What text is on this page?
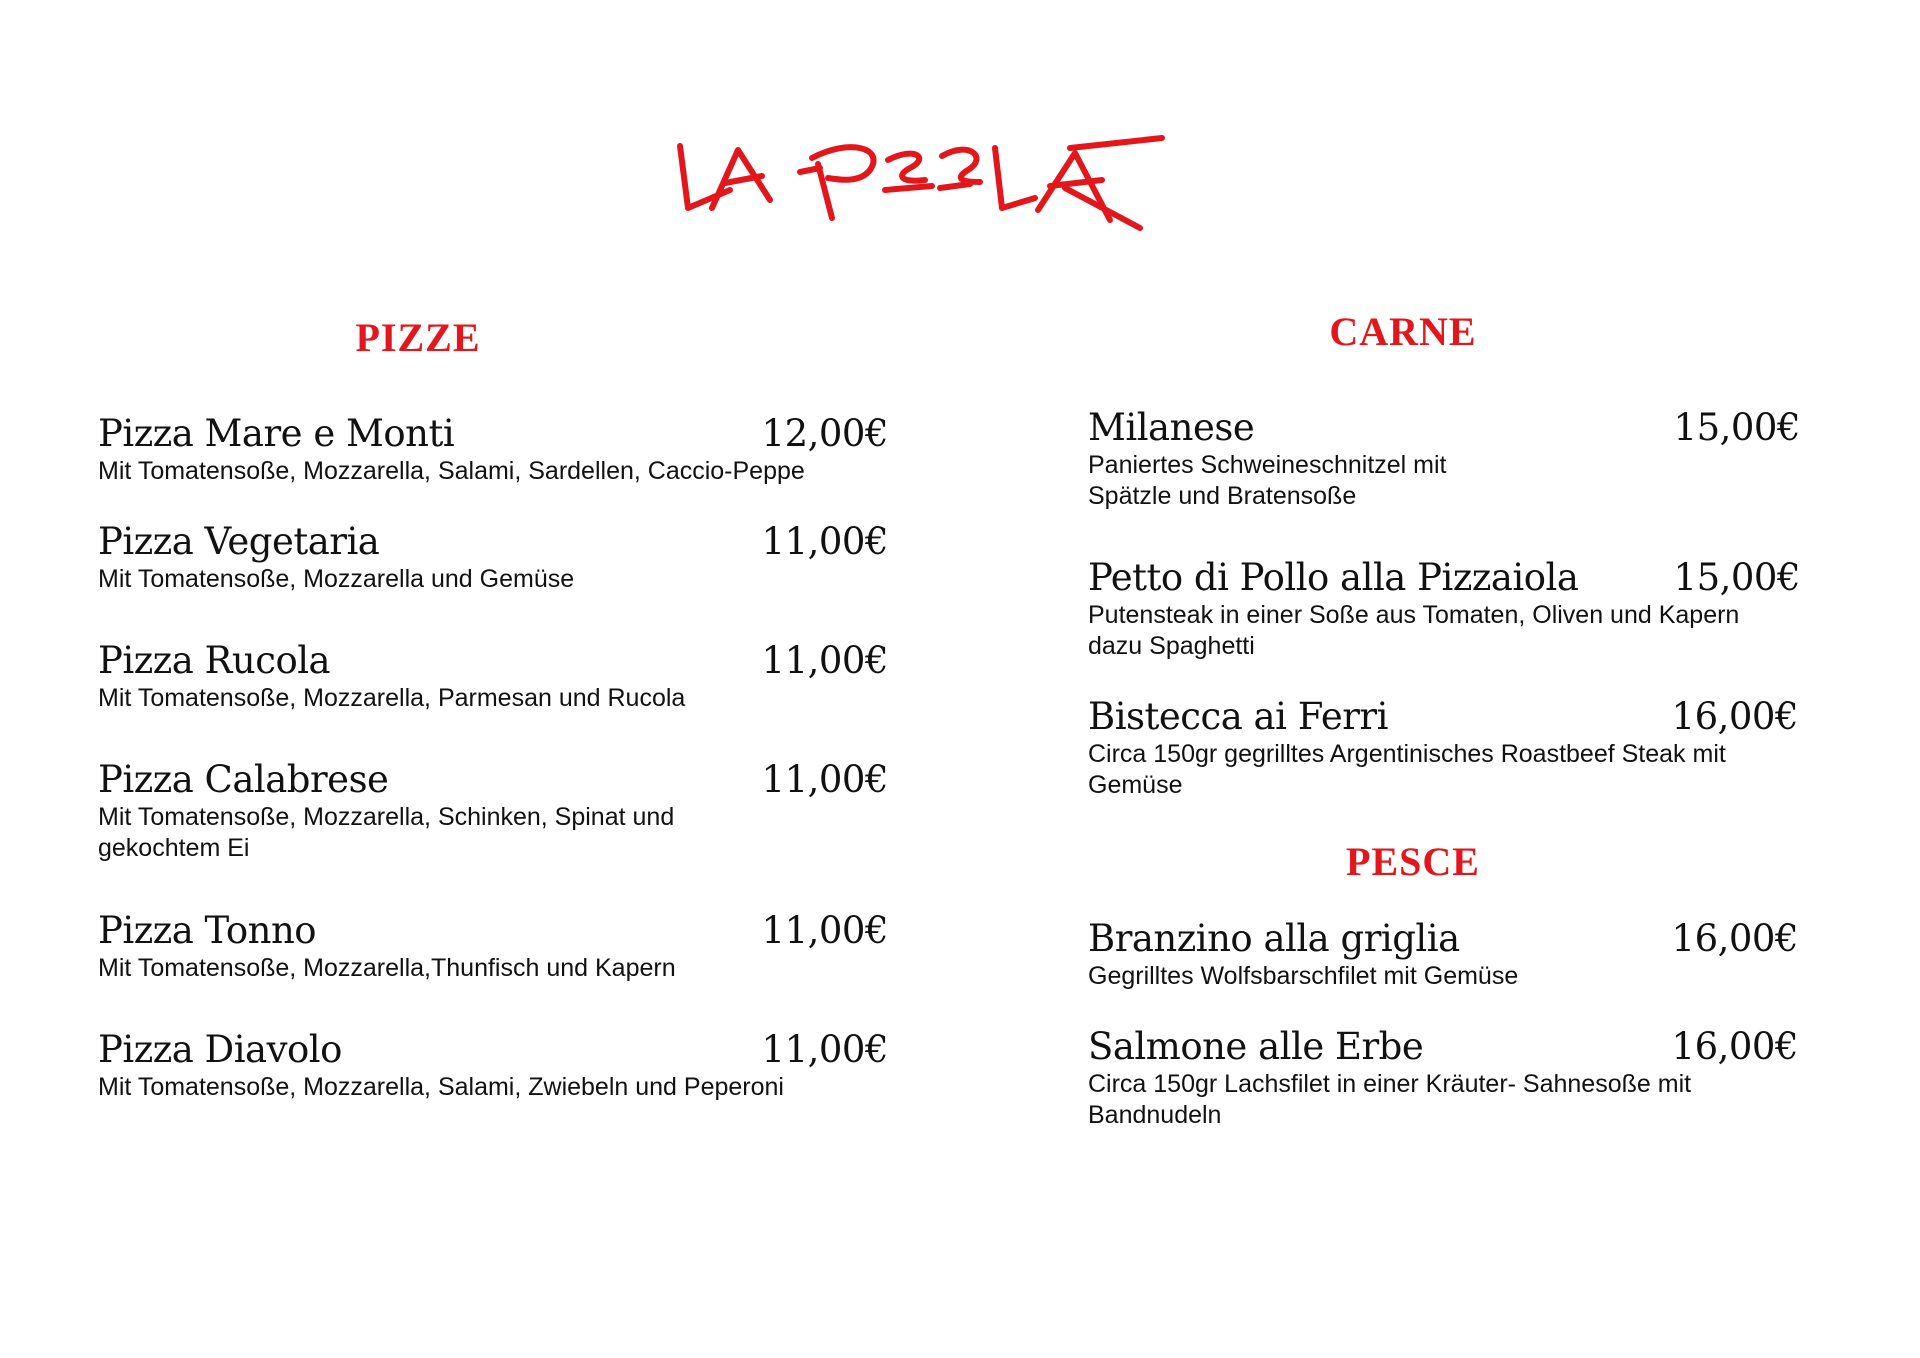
PIZZE
Pizza Mare e Monti	12,00€
Mit Tomatensoße, Mozzarella, Salami, Sardellen, Caccio-Peppe
Pizza Vegetaria	11,00€
Mit Tomatensoße, Mozzarella und Gemüse
Pizza Rucola	11,00€
Mit Tomatensoße, Mozzarella, Parmesan und Rucola
Pizza Calabrese	11,00€
Mit Tomatensoße, Mozzarella, Schinken, Spinat und gekochtem Ei
Pizza Tonno	11,00€
Mit Tomatensoße, Mozzarella,Thunfisch und Kapern
Pizza Diavolo	11,00€
Mit Tomatensoße, Mozzarella, Salami, Zwiebeln und Peperoni
CARNE
Milanese	15,00€
Paniertes Schweineschnitzel mit Spätzle und Bratensoße
Petto di Pollo alla Pizzaiola	15,00€
Putensteak in einer Soße aus Tomaten, Oliven und Kapern dazu Spaghetti
Bistecca ai Ferri	16,00€
Circa 150gr gegrilltes Argentinisches Roastbeef Steak mit Gemüse
PESCE
Branzino alla griglia	16,00€
Gegrilltes Wolfsbarschfilet mit Gemüse
Salmone alle Erbe	16,00€
Circa 150gr Lachsfilet in einer Kräuter- Sahnesoße mit Bandnudeln
